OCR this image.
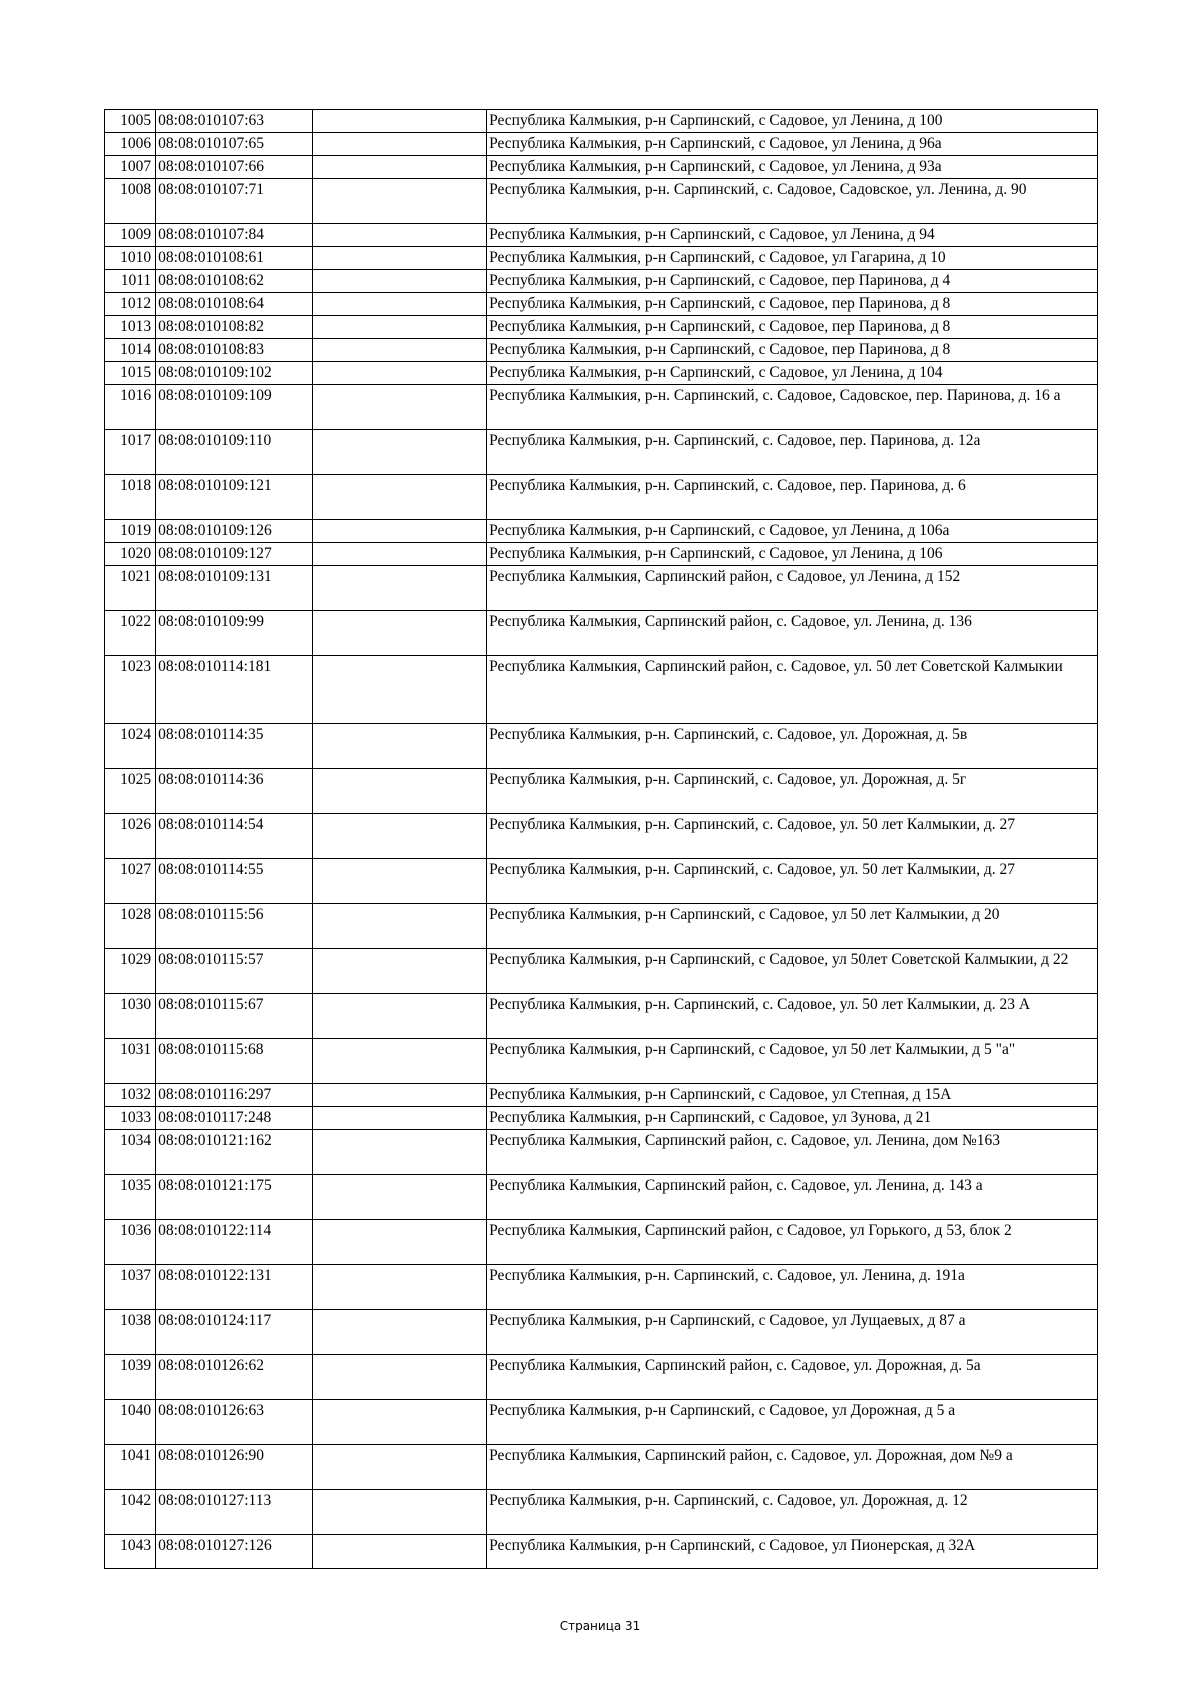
1005	08:08:010107:63		Республика Калмыкия, р-н Сарпинский, с Садовое, ул Ленина, д 100
1006	08:08:010107:65		Республика Калмыкия, р-н Сарпинский, с Садовое, ул Ленина, д 96а
1007	08:08:010107:66		Республика Калмыкия, р-н Сарпинский, с Садовое, ул Ленина, д 93а
1008	08:08:010107:71		Республика Калмыкия, р-н. Сарпинский, с. Садовое, Садовское, ул. Ленина, д. 90
1009	08:08:010107:84		Республика Калмыкия, р-н Сарпинский, с Садовое, ул Ленина, д 94
1010	08:08:010108:61		Республика Калмыкия, р-н Сарпинский, с Садовое, ул Гагарина, д 10
1011	08:08:010108:62		Республика Калмыкия, р-н Сарпинский, с Садовое, пер Паринова, д 4
1012	08:08:010108:64		Республика Калмыкия, р-н Сарпинский, с Садовое, пер Паринова, д 8
1013	08:08:010108:82		Республика Калмыкия, р-н Сарпинский, с Садовое, пер Паринова, д 8
1014	08:08:010108:83		Республика Калмыкия, р-н Сарпинский, с Садовое, пер Паринова, д 8
1015	08:08:010109:102		Республика Калмыкия, р-н Сарпинский, с Садовое, ул Ленина, д 104
1016	08:08:010109:109		Республика Калмыкия, р-н. Сарпинский, с. Садовое, Садовское, пер. Паринова, д. 16 а
1017	08:08:010109:110		Республика Калмыкия, р-н. Сарпинский, с. Садовое, пер. Паринова, д. 12а
1018	08:08:010109:121		Республика Калмыкия, р-н. Сарпинский, с. Садовое, пер. Паринова, д. 6
1019	08:08:010109:126		Республика Калмыкия, р-н Сарпинский, с Садовое, ул Ленина, д 106а
1020	08:08:010109:127		Республика Калмыкия, р-н Сарпинский, с Садовое, ул Ленина, д 106
1021	08:08:010109:131		Республика Калмыкия, Сарпинский район, с Садовое, ул Ленина, д 152
1022	08:08:010109:99		Республика Калмыкия, Сарпинский район, с. Садовое, ул. Ленина, д. 136
1023	08:08:010114:181		Республика Калмыкия, Сарпинский район, с. Садовое, ул. 50 лет Советской Калмыкии
1024	08:08:010114:35		Республика Калмыкия, р-н. Сарпинский, с. Садовое, ул. Дорожная, д. 5в
1025	08:08:010114:36		Республика Калмыкия, р-н. Сарпинский, с. Садовое, ул. Дорожная, д. 5г
1026	08:08:010114:54		Республика Калмыкия, р-н. Сарпинский, с. Садовое, ул. 50 лет Калмыкии, д. 27
1027	08:08:010114:55		Республика Калмыкия, р-н. Сарпинский, с. Садовое, ул. 50 лет Калмыкии, д. 27
1028	08:08:010115:56		Республика Калмыкия, р-н Сарпинский, с Садовое, ул 50 лет Калмыкии, д 20
1029	08:08:010115:57		Республика Калмыкия, р-н Сарпинский, с Садовое, ул 50лет Советской Калмыкии, д 22
1030	08:08:010115:67		Республика Калмыкия, р-н. Сарпинский, с. Садовое, ул. 50 лет Калмыкии, д. 23 А
1031	08:08:010115:68		Республика Калмыкия, р-н Сарпинский, с Садовое, ул 50 лет Калмыкии, д 5 "а"
1032	08:08:010116:297		Республика Калмыкия, р-н Сарпинский, с Садовое, ул Степная, д 15А
1033	08:08:010117:248		Республика Калмыкия, р-н Сарпинский, с Садовое, ул Зунова, д 21
1034	08:08:010121:162		Республика Калмыкия, Сарпинский район, с. Садовое, ул. Ленина, дом №163
1035	08:08:010121:175		Республика Калмыкия, Сарпинский район, с. Садовое, ул. Ленина, д. 143 а
1036	08:08:010122:114		Республика Калмыкия, Сарпинский район, с Садовое, ул Горького, д 53, блок 2
1037	08:08:010122:131		Республика Калмыкия, р-н. Сарпинский, с. Садовое, ул. Ленина, д. 191а
1038	08:08:010124:117		Республика Калмыкия, р-н Сарпинский, с Садовое, ул Лущаевых, д 87 а
1039	08:08:010126:62		Республика Калмыкия, Сарпинский район, с. Садовое, ул. Дорожная, д. 5а
1040	08:08:010126:63		Республика Калмыкия, р-н Сарпинский, с Садовое, ул Дорожная, д 5 а
1041	08:08:010126:90		Республика Калмыкия, Сарпинский район, с. Садовое, ул. Дорожная, дом №9 а
1042	08:08:010127:113		Республика Калмыкия, р-н. Сарпинский, с. Садовое, ул. Дорожная, д. 12
1043	08:08:010127:126		Республика Калмыкия, р-н Сарпинский, с Садовое, ул Пионерская, д 32А
Страница 31
